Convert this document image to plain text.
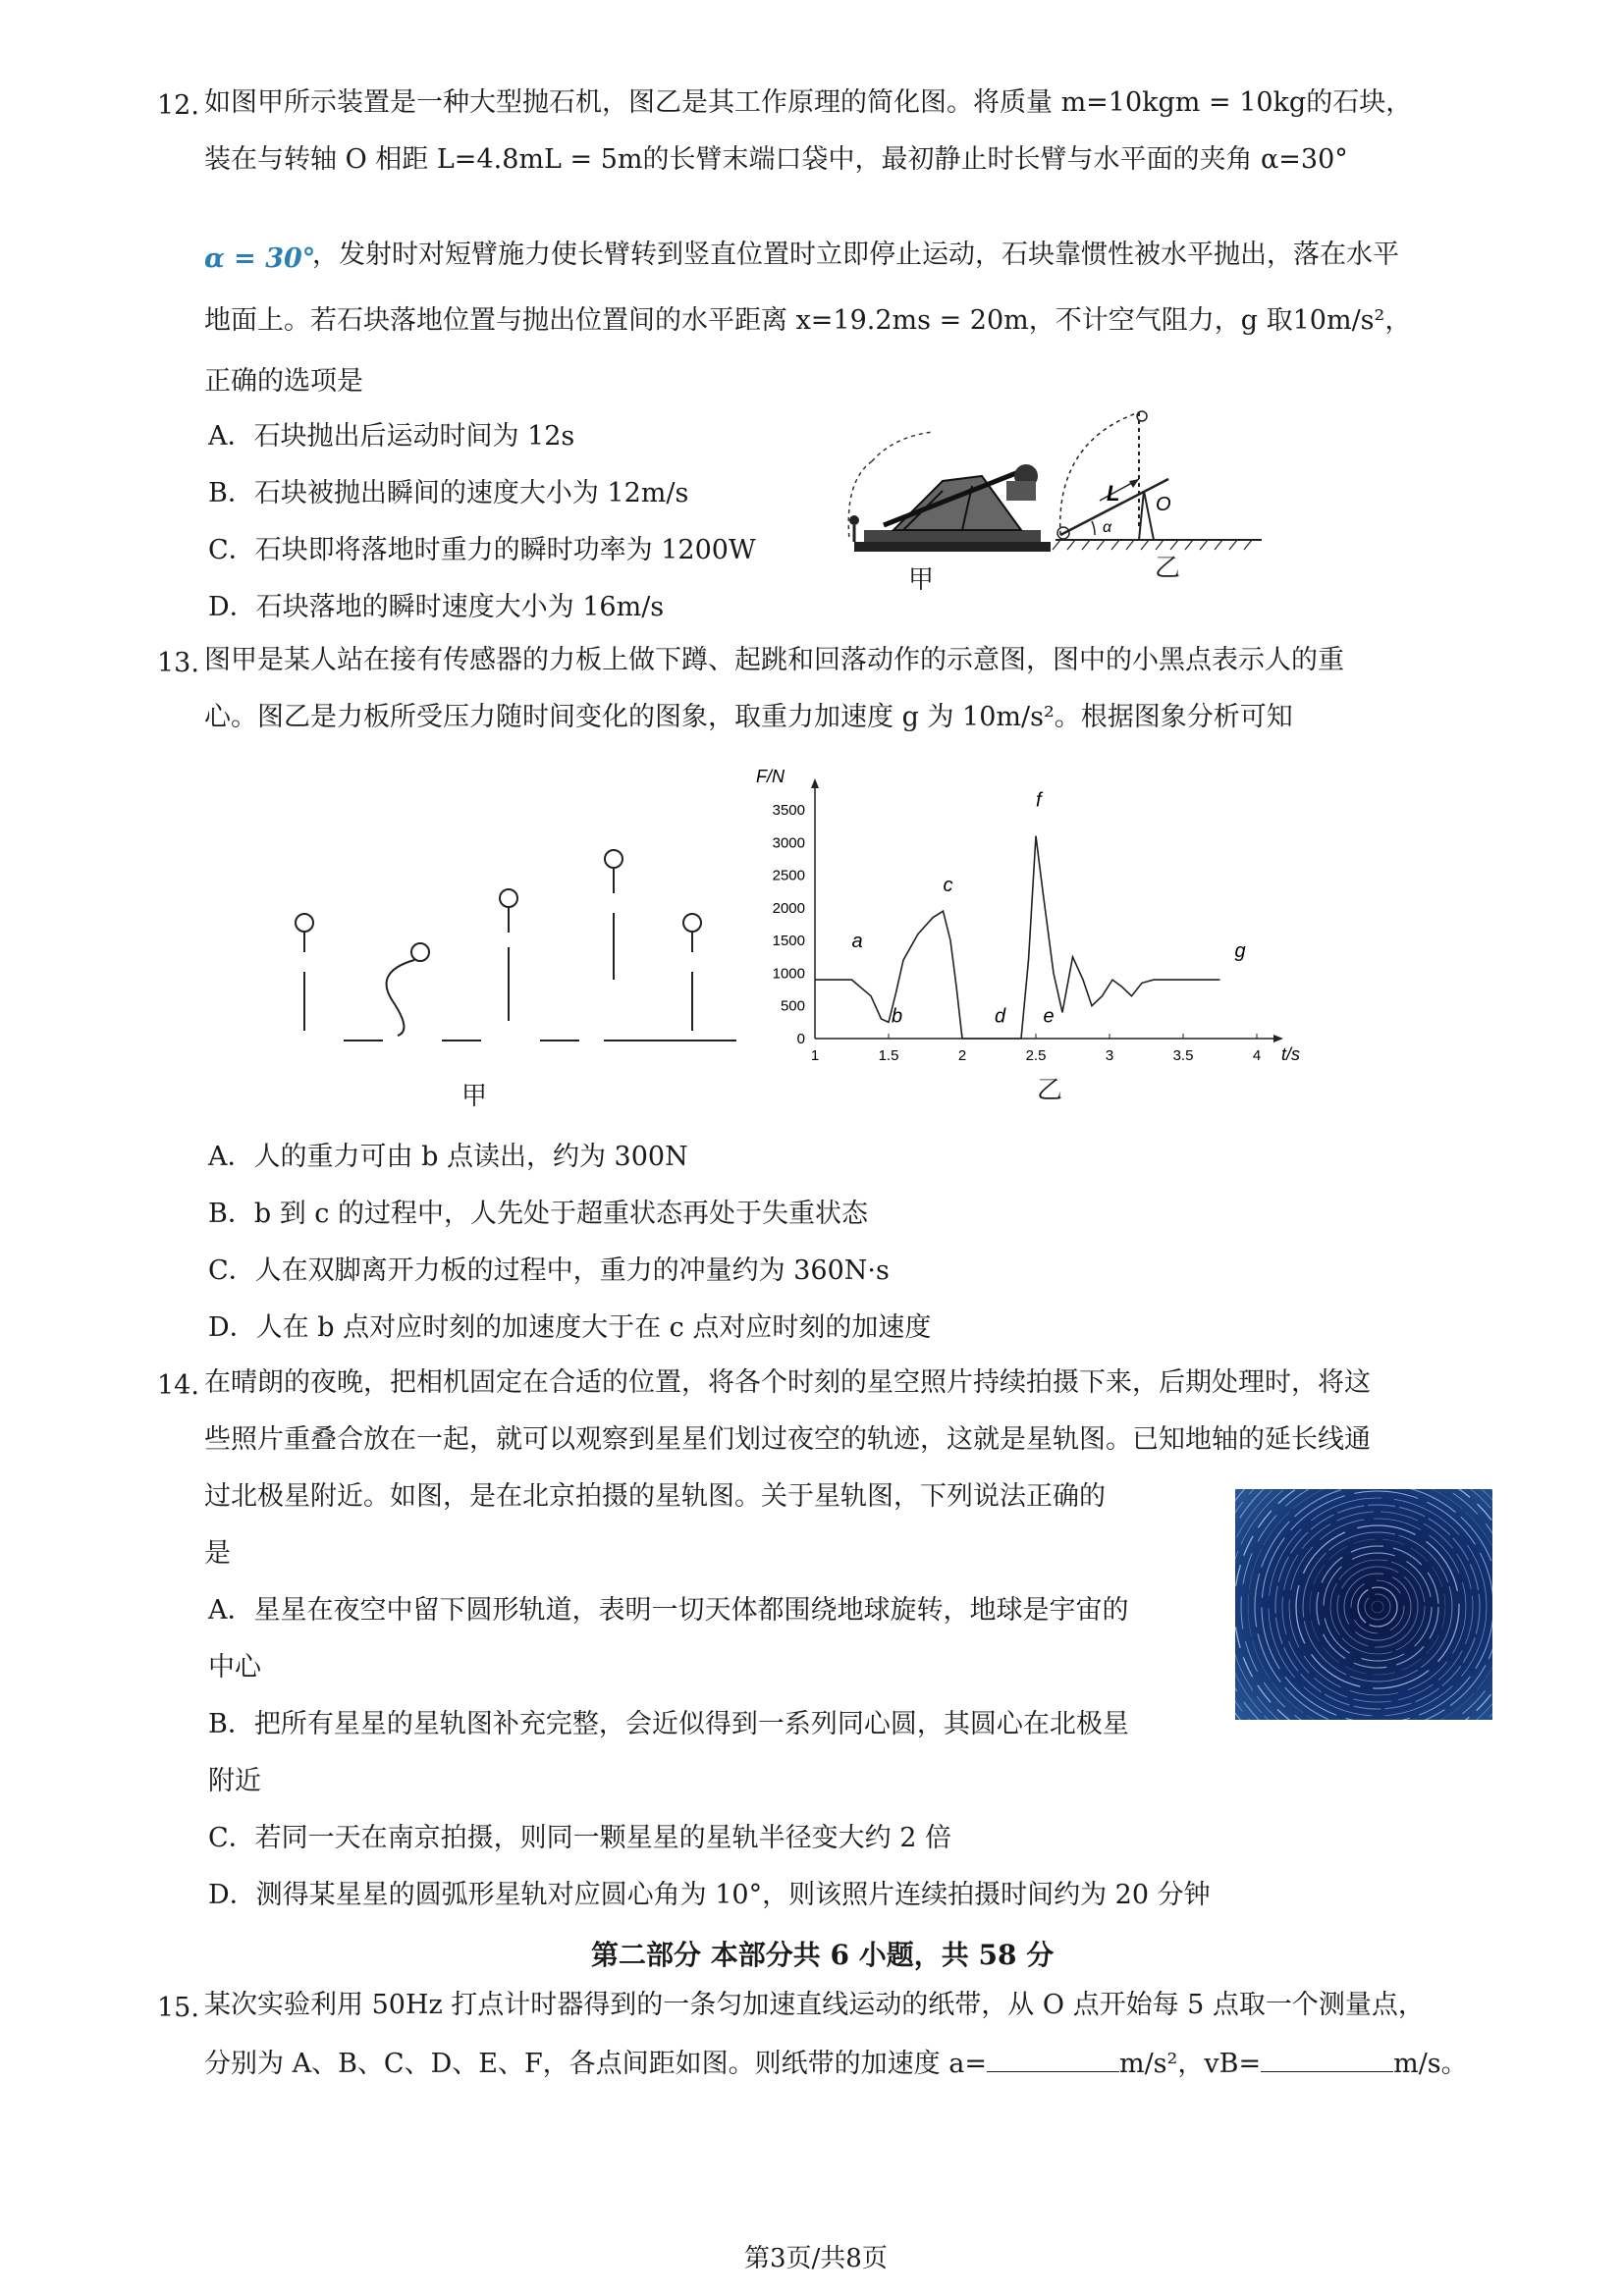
12. 如图甲所示装置是一种大型抛石机，图乙是其工作原理的简化图。将质量 m=10kgm = 10kg的石块，
装在与转轴 O 相距 L=4.8mL = 5m的长臂末端口袋中，最初静止时长臂与水平面的夹角 α=30°
α = 30°
，发射时对短臂施力使长臂转到竖直位置时立即停止运动，石块靠惯性被水平抛出，落在水平
地面上。若石块落地位置与抛出位置间的水平距离 x=19.2ms = 20m，不计空气阻力，g 取10m/s²，
正确的选项是
A．石块抛出后运动时间为 12s
B．石块被抛出瞬间的速度大小为 12m/s
C．石块即将落地时重力的瞬时功率为 1200W
D．石块落地的瞬时速度大小为 16m/s
甲
α
L O
乙
13. 图甲是某人站在接有传感器的力板上做下蹲、起跳和回落动作的示意图，图中的小黑点表示人的重
心。图乙是力板所受压力随时间变化的图象，取重力加速度 g 为 10m/s²。根据图象分析可知
甲
F/N
t/s
1	1.5	2	2.5	3	3.5	4
0
500
1000
1500
2000
2500
3000
3500
a
b
c
d e
f
g
乙
A．人的重力可由 b 点读出，约为 300N
B．b 到 c 的过程中，人先处于超重状态再处于失重状态
C．人在双脚离开力板的过程中，重力的冲量约为 360N·s
D．人在 b 点对应时刻的加速度大于在 c 点对应时刻的加速度
14. 在晴朗的夜晚，把相机固定在合适的位置，将各个时刻的星空照片持续拍摄下来，后期处理时，将这
些照片重叠合放在一起，就可以观察到星星们划过夜空的轨迹，这就是星轨图。已知地轴的延长线通
过北极星附近。如图，是在北京拍摄的星轨图。关于星轨图，下列说法正确的
是
A．星星在夜空中留下圆形轨道，表明一切天体都围绕地球旋转，地球是宇宙的
中心
B．把所有星星的星轨图补充完整，会近似得到一系列同心圆，其圆心在北极星
附近
C．若同一天在南京拍摄，则同一颗星星的星轨半径变大约 2 倍
D．测得某星星的圆弧形星轨对应圆心角为 10°，则该照片连续拍摄时间约为 20 分钟
第二部分 本部分共 6 小题，共 58 分
15. 某次实验利用 50Hz 打点计时器得到的一条匀加速直线运动的纸带，从 O 点开始每 5 点取一个测量点，
分别为 A、B、C、D、E、F，各点间距如图。则纸带的加速度 a=	m/s²，vB=	m/s。
第3页/共8页
